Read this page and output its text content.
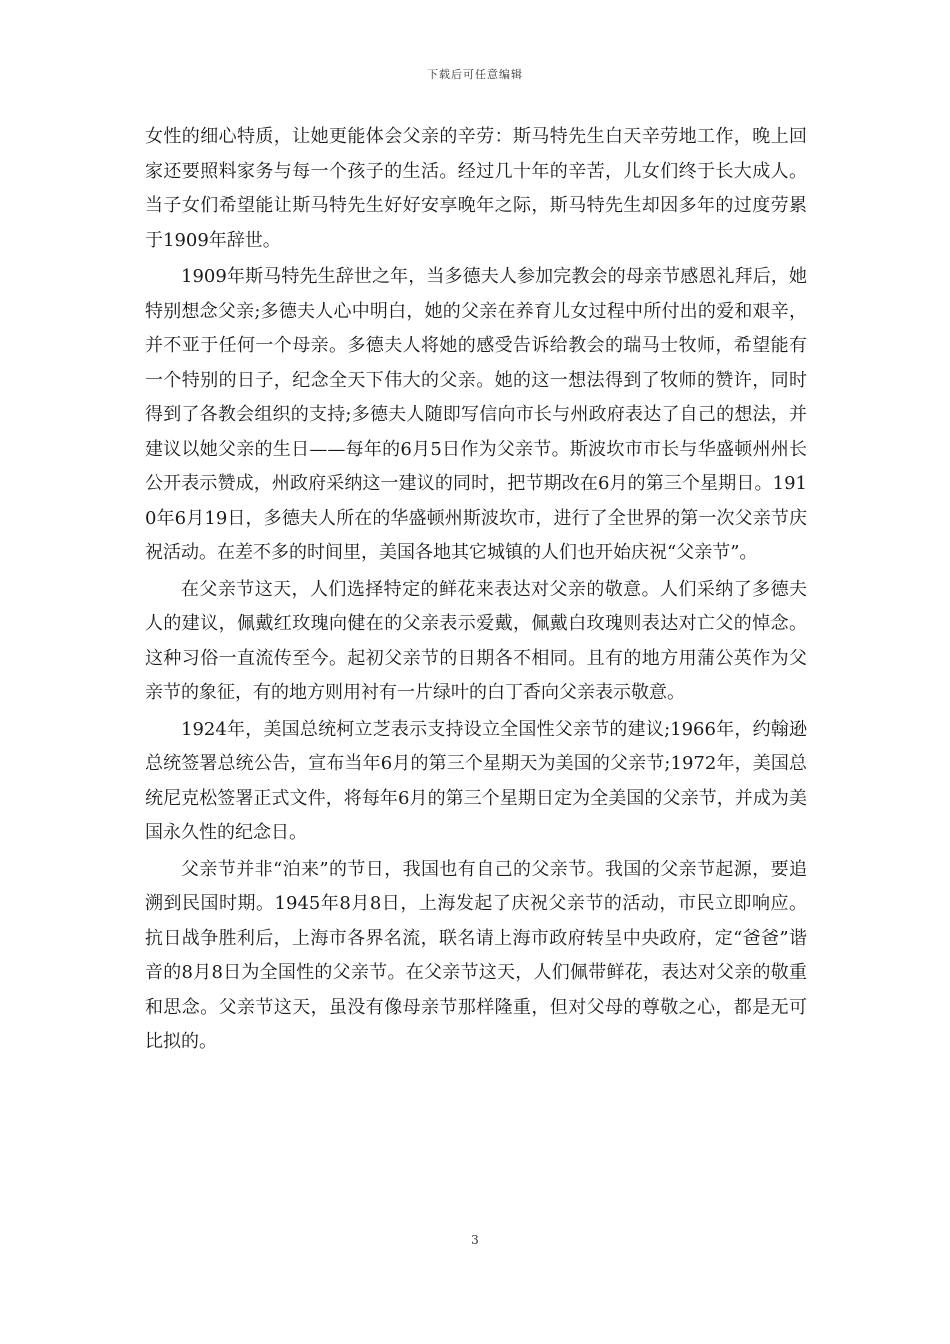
下载后可任意编辑

女性的细心特质，让她更能体会父亲的辛劳：斯马特先生白天辛劳地工作，晚上回家还要照料家务与每一个孩子的生活。经过几十年的辛苦，儿女们终于长大成人。当子女们希望能让斯马特先生好好安享晚年之际，斯马特先生却因多年的过度劳累于1909年辞世。

1909年斯马特先生辞世之年，当多德夫人参加完教会的母亲节感恩礼拜后，她特别想念父亲;多德夫人心中明白，她的父亲在养育儿女过程中所付出的爱和艰辛，并不亚于任何一个母亲。多德夫人将她的感受告诉给教会的瑞马士牧师，希望能有一个特别的日子，纪念全天下伟大的父亲。她的这一想法得到了牧师的赞许，同时得到了各教会组织的支持;多德夫人随即写信向市长与州政府表达了自己的想法，并建议以她父亲的生日——每年的6月5日作为父亲节。斯波坎市市长与华盛顿州州长公开表示赞成，州政府采纳这一建议的同时，把节期改在6月的第三个星期日。1910年6月19日，多德夫人所在的华盛顿州斯波坎市，进行了全世界的第一次父亲节庆祝活动。在差不多的时间里，美国各地其它城镇的人们也开始庆祝“父亲节”。

在父亲节这天，人们选择特定的鲜花来表达对父亲的敬意。人们采纳了多德夫人的建议，佩戴红玫瑰向健在的父亲表示爱戴，佩戴白玫瑰则表达对亡父的悼念。这种习俗一直流传至今。起初父亲节的日期各不相同。且有的地方用蒲公英作为父亲节的象征，有的地方则用衬有一片绿叶的白丁香向父亲表示敬意。

1924年，美国总统柯立芝表示支持设立全国性父亲节的建议;1966年，约翰逊总统签署总统公告，宣布当年6月的第三个星期天为美国的父亲节;1972年，美国总统尼克松签署正式文件，将每年6月的第三个星期日定为全美国的父亲节，并成为美国永久性的纪念日。

父亲节并非“泊来”的节日，我国也有自己的父亲节。我国的父亲节起源，要追溯到民国时期。1945年8月8日，上海发起了庆祝父亲节的活动，市民立即响应。抗日战争胜利后，上海市各界名流，联名请上海市政府转呈中央政府，定“爸爸”谐音的8月8日为全国性的父亲节。在父亲节这天，人们佩带鲜花，表达对父亲的敬重和思念。父亲节这天，虽没有像母亲节那样隆重，但对父母的尊敬之心，都是无可比拟的。

3
